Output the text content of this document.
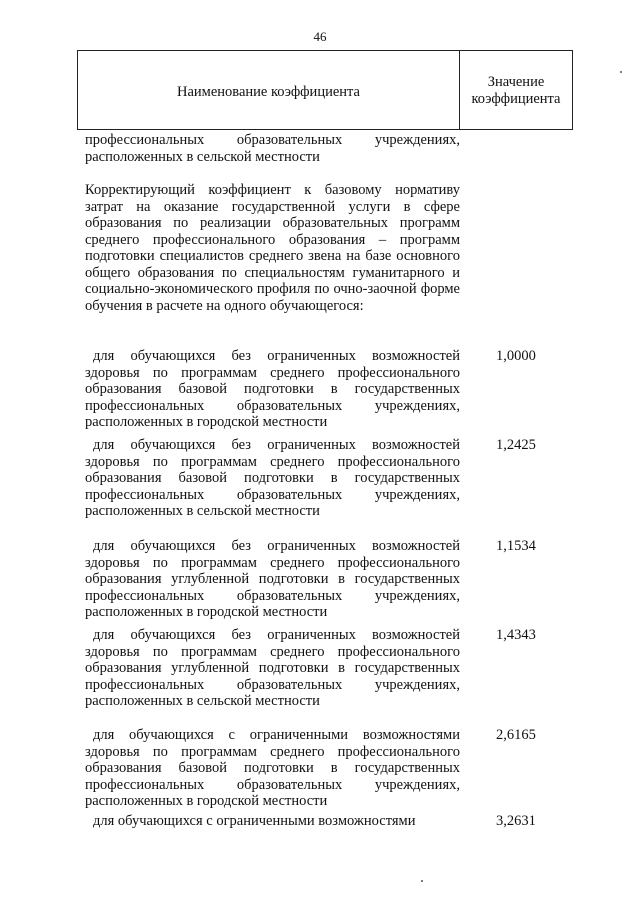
46
Наименование коэффициента
Значение
коэффициента
профессиональных образовательных учреждениях, расположенных в сельской местности
Корректирующий коэффициент к базовому нормативу затрат на оказание государственной услуги в сфере образования по реализации образовательных программ среднего профессионального образования – программ подготовки специалистов среднего звена на базе основного общего образования по специальностям гуманитарного и социально-экономического профиля по очно-заочной форме обучения в расчете на одного обучающегося:
для обучающихся без ограниченных возможностей здоровья по программам среднего профессионального образования базовой подготовки в государственных профессиональных образовательных учреждениях, расположенных в городской местности
1,0000
для обучающихся без ограниченных возможностей здоровья по программам среднего профессионального образования базовой подготовки в государственных профессиональных образовательных учреждениях, расположенных в сельской местности
1,2425
для обучающихся без ограниченных возможностей здоровья по программам среднего профессионального образования углубленной подготовки в государственных профессиональных образовательных учреждениях, расположенных в городской местности
1,1534
для обучающихся без ограниченных возможностей здоровья по программам среднего профессионального образования углубленной подготовки в государственных профессиональных образовательных учреждениях, расположенных в сельской местности
1,4343
для обучающихся с ограниченными возможностями здоровья по программам среднего профессионального образования базовой подготовки в государственных профессиональных образовательных учреждениях, расположенных в городской местности
2,6165
для обучающихся с ограниченными возможностями	3,2631
